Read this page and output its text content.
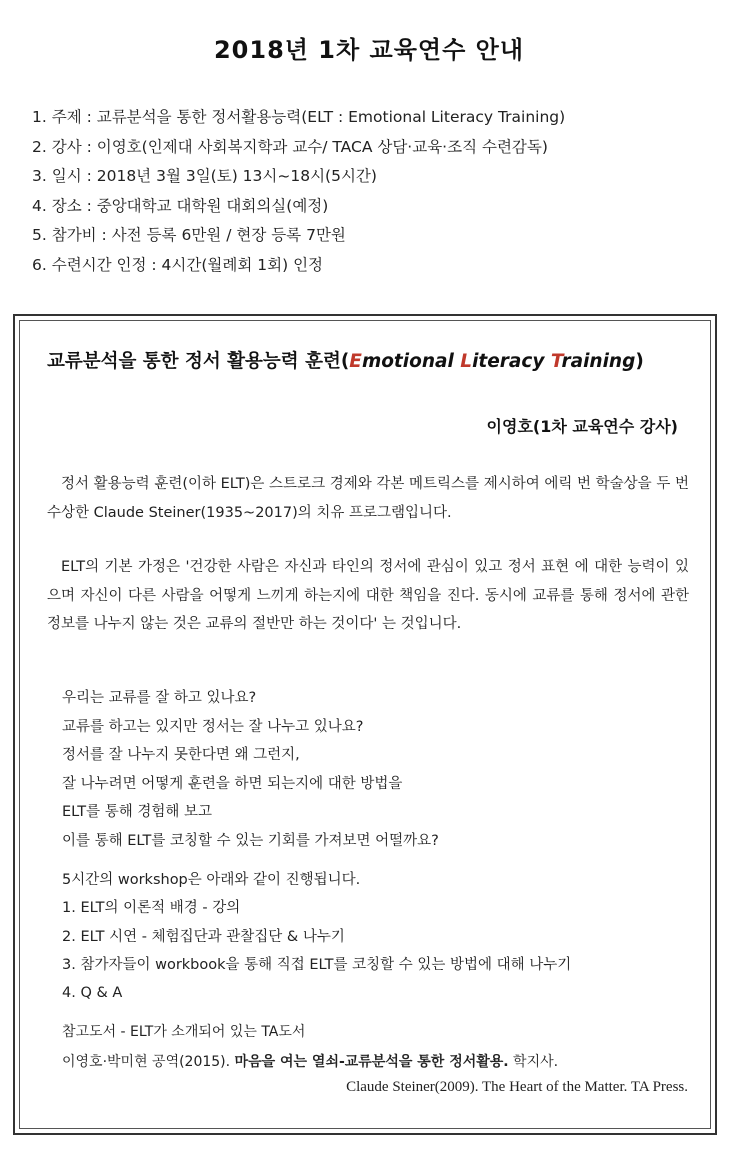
2018년 1차 교육연수 안내
1. 주제 : 교류분석을 통한 정서활용능력(ELT : Emotional Literacy Training)
2. 강사 : 이영호(인제대 사회복지학과 교수/ TACA 상담·교육·조직 수련감독)
3. 일시 : 2018년 3월 3일(토) 13시~18시(5시간)
4. 장소 : 중앙대학교 대학원 대회의실(예정)
5. 참가비 : 사전 등록 6만원 / 현장 등록 7만원
6. 수련시간 인정 : 4시간(월례회 1회) 인정
교류분석을 통한 정서 활용능력 훈련(Emotional Literacy Training)
이영호(1차 교육연수 강사)
정서 활용능력 훈련(이하 ELT)은 스트로크 경제와 각본 메트릭스를 제시하여 에릭 번 학술상을 두 번 수상한 Claude Steiner(1935~2017)의 치유 프로그램입니다.
ELT의 기본 가정은 '건강한 사람은 자신과 타인의 정서에 관심이 있고 정서 표현 에 대한 능력이 있으며 자신이 다른 사람을 어떻게 느끼게 하는지에 대한 책임을 진다. 동시에 교류를 통해 정서에 관한 정보를 나누지 않는 것은 교류의 절반만 하는 것이다' 는 것입니다.
우리는 교류를 잘 하고 있나요?
교류를 하고는 있지만 정서는 잘 나누고 있나요?
정서를 잘 나누지 못한다면 왜 그런지,
잘 나누려면 어떻게 훈련을 하면 되는지에 대한 방법을
ELT를 통해 경험해 보고
이를 통해 ELT를 코칭할 수 있는 기회를 가져보면 어떨까요?
5시간의 workshop은 아래와 같이 진행됩니다.
1. ELT의 이론적 배경 - 강의
2. ELT 시연 - 체험집단과 관찰집단 & 나누기
3. 참가자들이 workbook을 통해 직접 ELT를 코칭할 수 있는 방법에 대해 나누기
4. Q & A
참고도서 - ELT가 소개되어 있는 TA도서
이영호·박미현 공역(2015). 마음을 여는 열쇠-교류분석을 통한 정서활용. 학지사.
Claude Steiner(2009). The Heart of the Matter. TA Press.
